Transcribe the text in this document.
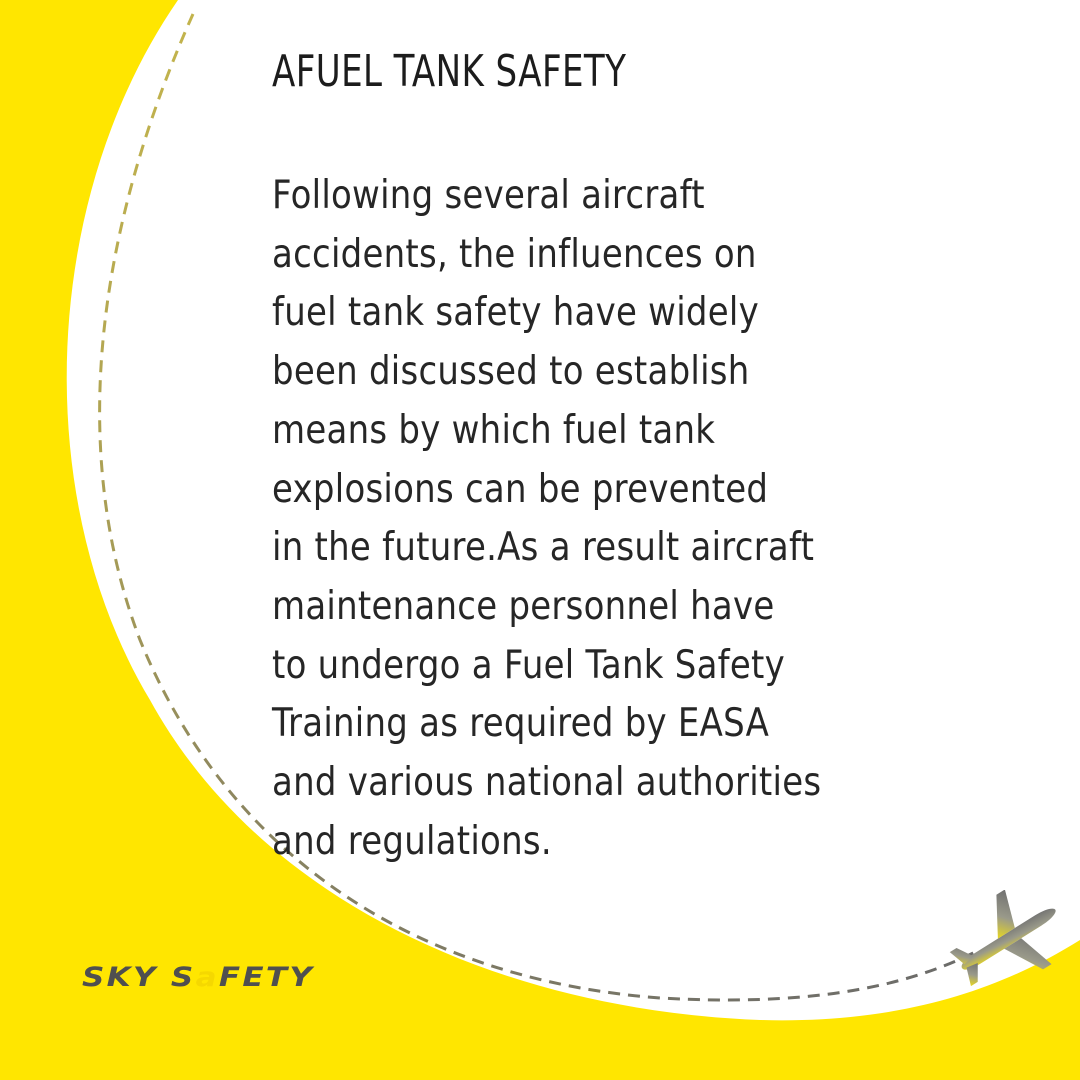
AFUEL TANK SAFETY
Following several aircraft
accidents, the influences on
fuel tank safety have widely
been discussed to establish
means by which fuel tank
explosions can be prevented
in the future.As a result aircraft
maintenance personnel have
to undergo a Fuel Tank Safety
Training as required by EASA
and various national authorities
and regulations.
SKY SaFETY
